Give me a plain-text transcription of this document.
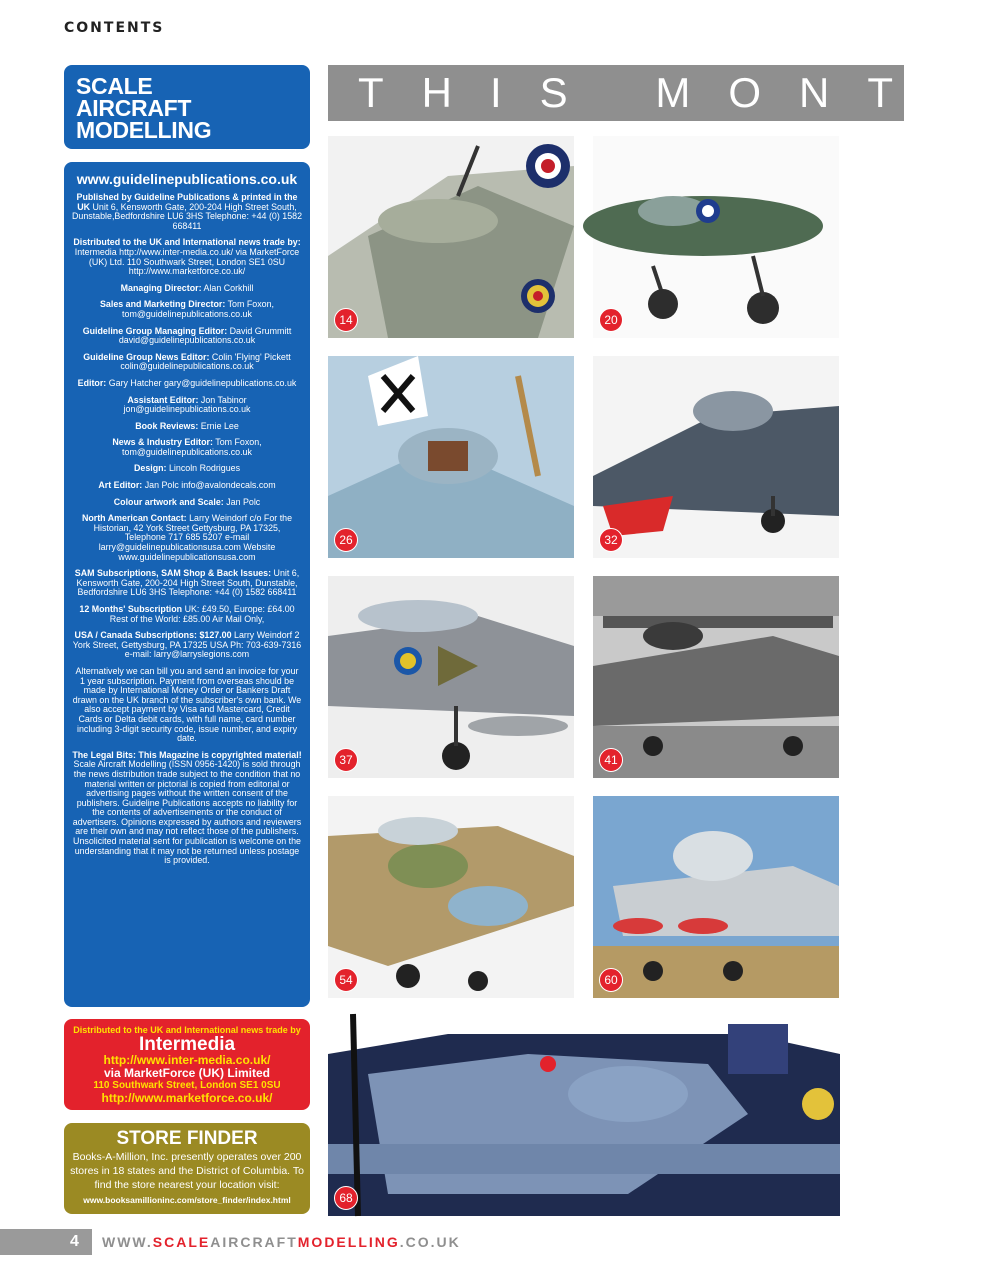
CONTENTS
SCALE
AIRCRAFT
MODELLING
www.guidelinepublications.co.uk
Published by Guideline Publications & printed in the UK Unit 6, Kensworth Gate, 200-204 High Street South, Dunstable,Bedfordshire LU6 3HS Telephone: +44 (0) 1582 668411
Distributed to the UK and International news trade by: Intermedia http://www.inter-media.co.uk/ via MarketForce (UK) Ltd. 110 Southwark Street, London SE1 0SU http://www.marketforce.co.uk/
Managing Director: Alan Corkhill
Sales and Marketing Director: Tom Foxon, tom@guidelinepublications.co.uk
Guideline Group Managing Editor: David Grummitt david@guidelinepublications.co.uk
Guideline Group News Editor: Colin 'Flying' Pickett colin@guidelinepublications.co.uk
Editor: Gary Hatcher gary@guidelinepublications.co.uk
Assistant Editor: Jon Tabinor jon@guidelinepublications.co.uk
Book Reviews: Ernie Lee
News & Industry Editor: Tom Foxon, tom@guidelinepublications.co.uk
Design: Lincoln Rodrigues
Art Editor: Jan Polc info@avalondecals.com
Colour artwork and Scale: Jan Polc
North American Contact: Larry Weindorf c/o For the Historian, 42 York Street Gettysburg, PA 17325, Telephone 717 685 5207 e-mail larry@guidelinepublicationsusa.com Website www.guidelinepublicationsusa.com
SAM Subscriptions, SAM Shop & Back Issues: Unit 6, Kensworth Gate, 200-204 High Street South, Dunstable, Bedfordshire LU6 3HS Telephone: +44 (0) 1582 668411
12 Months' Subscription UK: £49.50, Europe: £64.00 Rest of the World: £85.00 Air Mail Only,
USA / Canada Subscriptions: $127.00 Larry Weindorf 2 York Street, Gettysburg, PA 17325 USA Ph: 703-639-7316 e-mail: larry@larryslegions.com
Alternatively we can bill you and send an invoice for your 1 year subscription. Payment from overseas should be made by International Money Order or Bankers Draft drawn on the UK branch of the subscriber's own bank. We also accept payment by Visa and Mastercard, Credit Cards or Delta debit cards, with full name, card number including 3-digit security code, issue number, and expiry date.
The Legal Bits: This Magazine is copyrighted material! Scale Aircraft Modelling (ISSN 0956-1420) is sold through the news distribution trade subject to the condition that no material written or pictorial is copied from editorial or advertising pages without the written consent of the publishers. Guideline Publications accepts no liability for the contents of advertisements or the conduct of advertisers. Opinions expressed by authors and reviewers are their own and may not reflect those of the publishers. Unsolicited material sent for publication is welcome on the understanding that it may not be returned unless postage is provided.
Distributed to the UK and International news trade by
Intermedia
http://www.inter-media.co.uk/
via MarketForce (UK) Limited
110 Southwark Street, London SE1 0SU
http://www.marketforce.co.uk/
STORE FINDER
Books-A-Million, Inc. presently operates over 200 stores in 18 states and the District of Columbia. To find the store nearest your location visit:
www.booksamillioninc.com/store_finder/index.html
THIS MONTH
14	20
26	32
37	41
54	60
68
4 WWW.SCALEAIRCRAFTMODELLING.CO.UK
